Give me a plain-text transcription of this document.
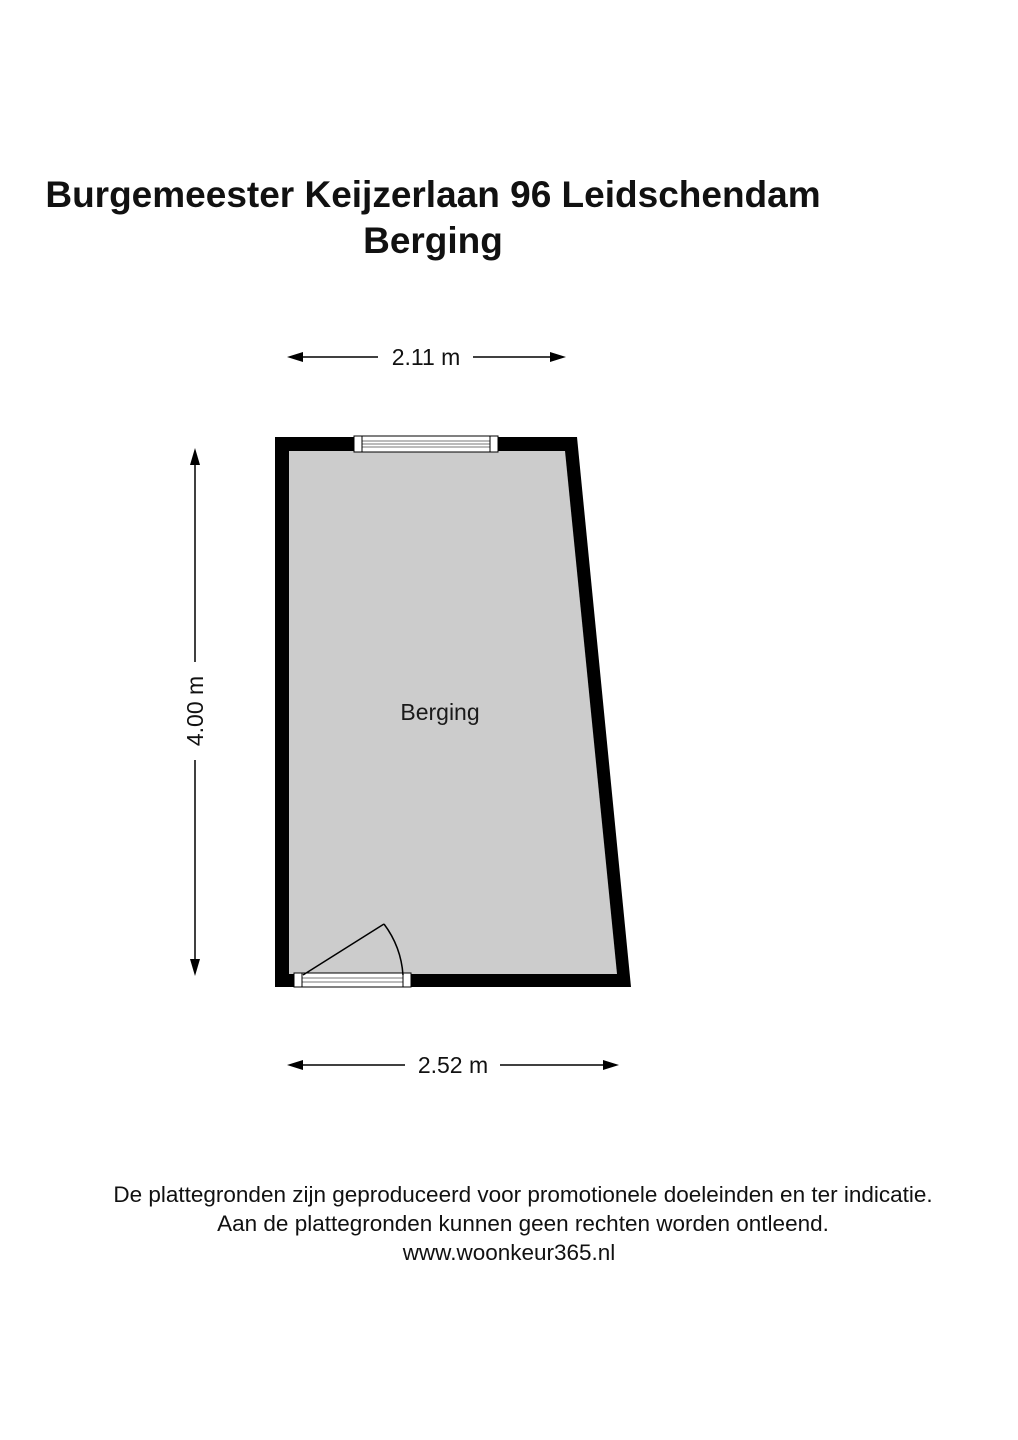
Burgemeester Keijzerlaan 96 Leidschendam
Berging
2.11 m
2.52 m
4.00 m	Berging

De plattegronden zijn geproduceerd voor promotionele doeleinden en ter indicatie.

Aan de plattegronden kunnen geen rechten worden ontleend.

www.woonkeur365.nl
